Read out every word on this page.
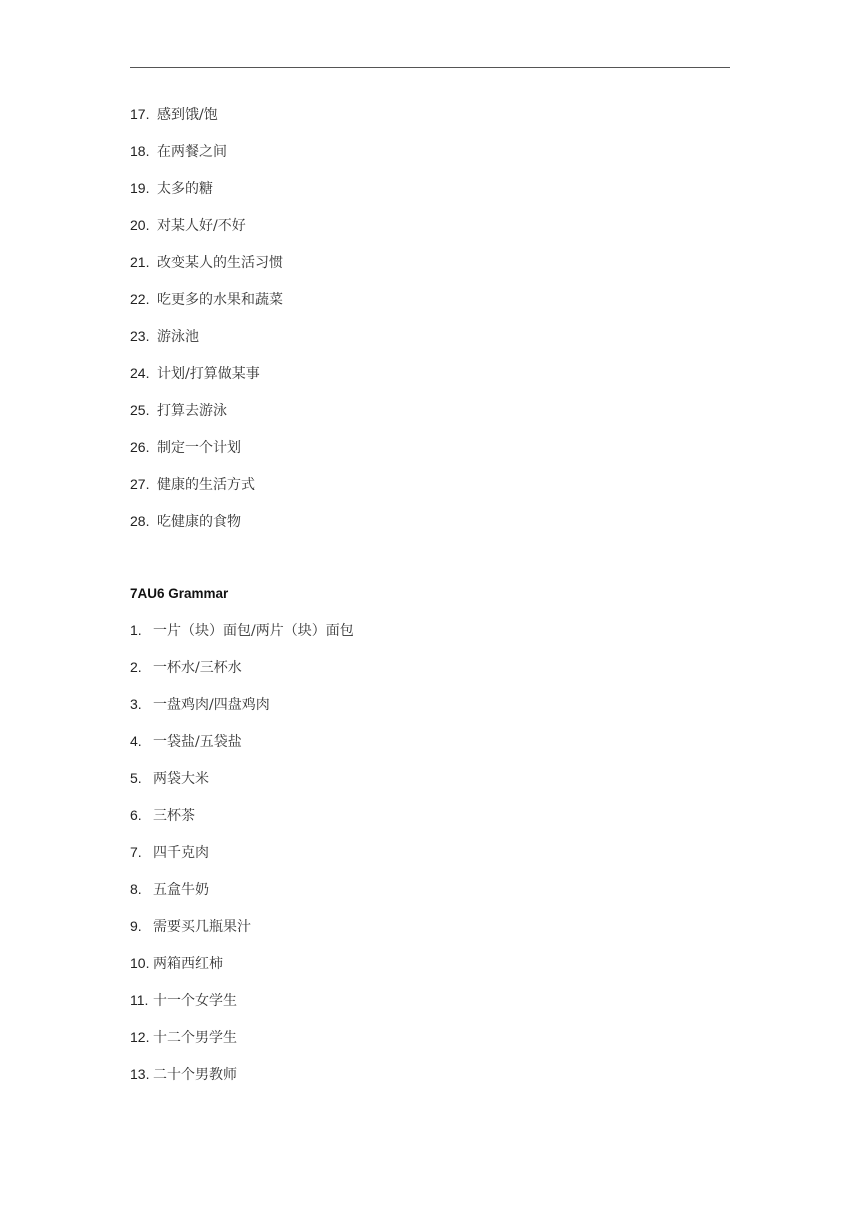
17. 感到饿/饱
18. 在两餐之间
19. 太多的糖
20. 对某人好/不好
21. 改变某人的生活习惯
22. 吃更多的水果和蔬菜
23. 游泳池
24. 计划/打算做某事
25. 打算去游泳
26. 制定一个计划
27. 健康的生活方式
28. 吃健康的食物
7AU6 Grammar
1. 一片（块）面包/两片（块）面包
2. 一杯水/三杯水
3. 一盘鸡肉/四盘鸡肉
4. 一袋盐/五袋盐
5. 两袋大米
6. 三杯茶
7. 四千克肉
8. 五盒牛奶
9. 需要买几瓶果汁
10. 两箱西红柿
11. 十一个女学生
12. 十二个男学生
13. 二十个男教师
